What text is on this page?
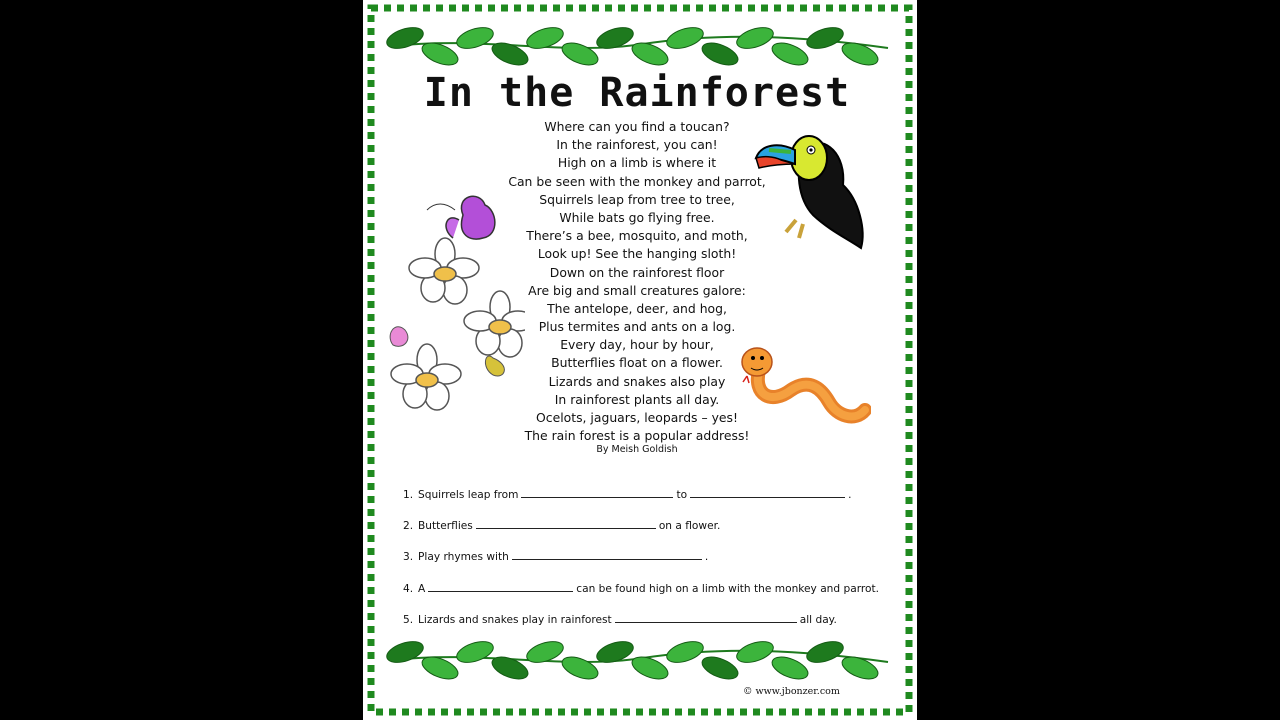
In the Rainforest
Where can you find a toucan?
In the rainforest, you can!
High on a limb is where it
Can be seen with the monkey and parrot,
Squirrels leap from tree to tree,
While bats go flying free.
There’s a bee, mosquito, and moth,
Look up! See the hanging sloth!
Down on the rainforest floor
Are big and small creatures galore:
The antelope, deer, and hog,
Plus termites and ants on a log.
Every day, hour by hour,
Butterflies float on a flower.
Lizards and snakes also play
In rainforest plants all day.
Ocelots, jaguars, leopards – yes!
The rain forest is a popular address!
By Meish Goldish
1. Squirrels leap from	to	.
2. Butterflies	on a flower.
3. Play rhymes with	.
4. A	can be found high on a limb with the monkey and parrot.
5. Lizards and snakes play in rainforest	all day.
© www.jbonzer.com
